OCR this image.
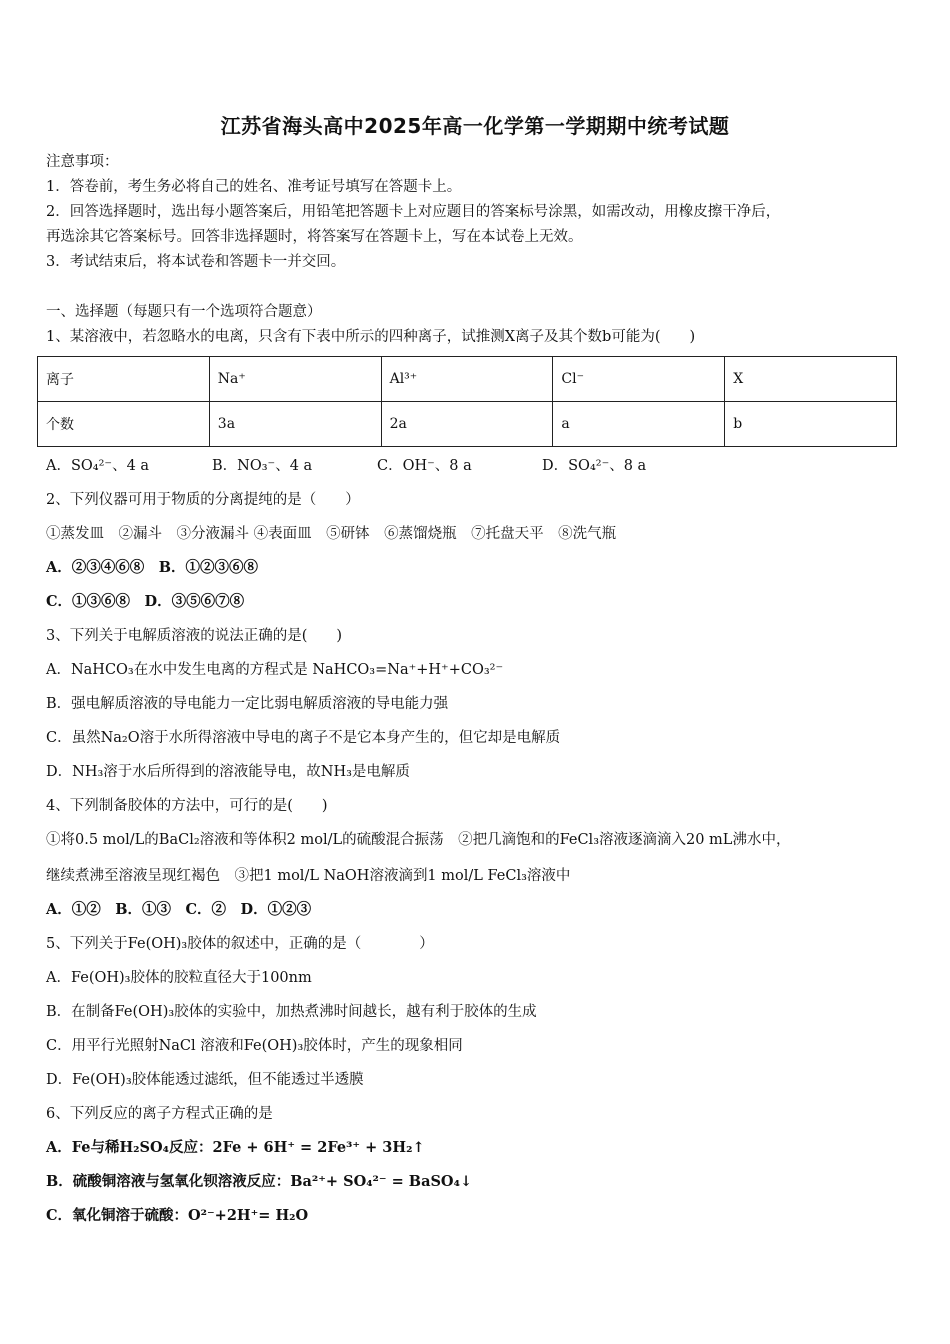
江苏省海头高中2025年高一化学第一学期期中统考试题
注意事项：
1．答卷前，考生务必将自己的姓名、准考证号填写在答题卡上。
2．回答选择题时，选出每小题答案后，用铅笔把答题卡上对应题目的答案标号涂黑，如需改动，用橡皮擦干净后，
再选涂其它答案标号。回答非选择题时，将答案写在答题卡上，写在本试卷上无效。
3．考试结束后，将本试卷和答题卡一并交回。
一、选择题（每题只有一个选项符合题意）
1、某溶液中，若忽略水的电离，只含有下表中所示的四种离子，试推测X离子及其个数b可能为(　　)
离子	Na⁺	Al³⁺	Cl⁻	X
个数	3a	2a	a	b
A．SO₄²⁻、4 a	B．NO₃⁻、4 a	C．OH⁻、8 a	D．SO₄²⁻、8 a
2、下列仪器可用于物质的分离提纯的是（　　）
①蒸发皿　②漏斗　③分液漏斗 ④表面皿　⑤研钵　⑥蒸馏烧瓶　⑦托盘天平　⑧洗气瓶
A．②③④⑥⑧　B．①②③⑥⑧
C．①③⑥⑧　D．③⑤⑥⑦⑧
3、下列关于电解质溶液的说法正确的是(　　)
A．NaHCO₃在水中发生电离的方程式是 NaHCO₃=Na⁺+H⁺+CO₃²⁻
B．强电解质溶液的导电能力一定比弱电解质溶液的导电能力强
C．虽然Na₂O溶于水所得溶液中导电的离子不是它本身产生的，但它却是电解质
D．NH₃溶于水后所得到的溶液能导电，故NH₃是电解质
4、下列制备胶体的方法中，可行的是(　　)
①将0.5 mol/L的BaCl₂溶液和等体积2 mol/L的硫酸混合振荡　②把几滴饱和的FeCl₃溶液逐滴滴入20 mL沸水中，
继续煮沸至溶液呈现红褐色　③把1 mol/L NaOH溶液滴到1 mol/L FeCl₃溶液中
A．①②　B．①③　C．②　D．①②③
5、下列关于Fe(OH)₃胶体的叙述中，正确的是（　　　　）
A．Fe(OH)₃胶体的胶粒直径大于100nm
B．在制备Fe(OH)₃胶体的实验中，加热煮沸时间越长，越有利于胶体的生成
C．用平行光照射NaCl 溶液和Fe(OH)₃胶体时，产生的现象相同
D．Fe(OH)₃胶体能透过滤纸，但不能透过半透膜
6、下列反应的离子方程式正确的是
A．Fe与稀H₂SO₄反应：2Fe + 6H⁺ = 2Fe³⁺ + 3H₂↑
B．硫酸铜溶液与氢氧化钡溶液反应：Ba²⁺+ SO₄²⁻ = BaSO₄↓
C．氧化铜溶于硫酸：O²⁻+2H⁺= H₂O
